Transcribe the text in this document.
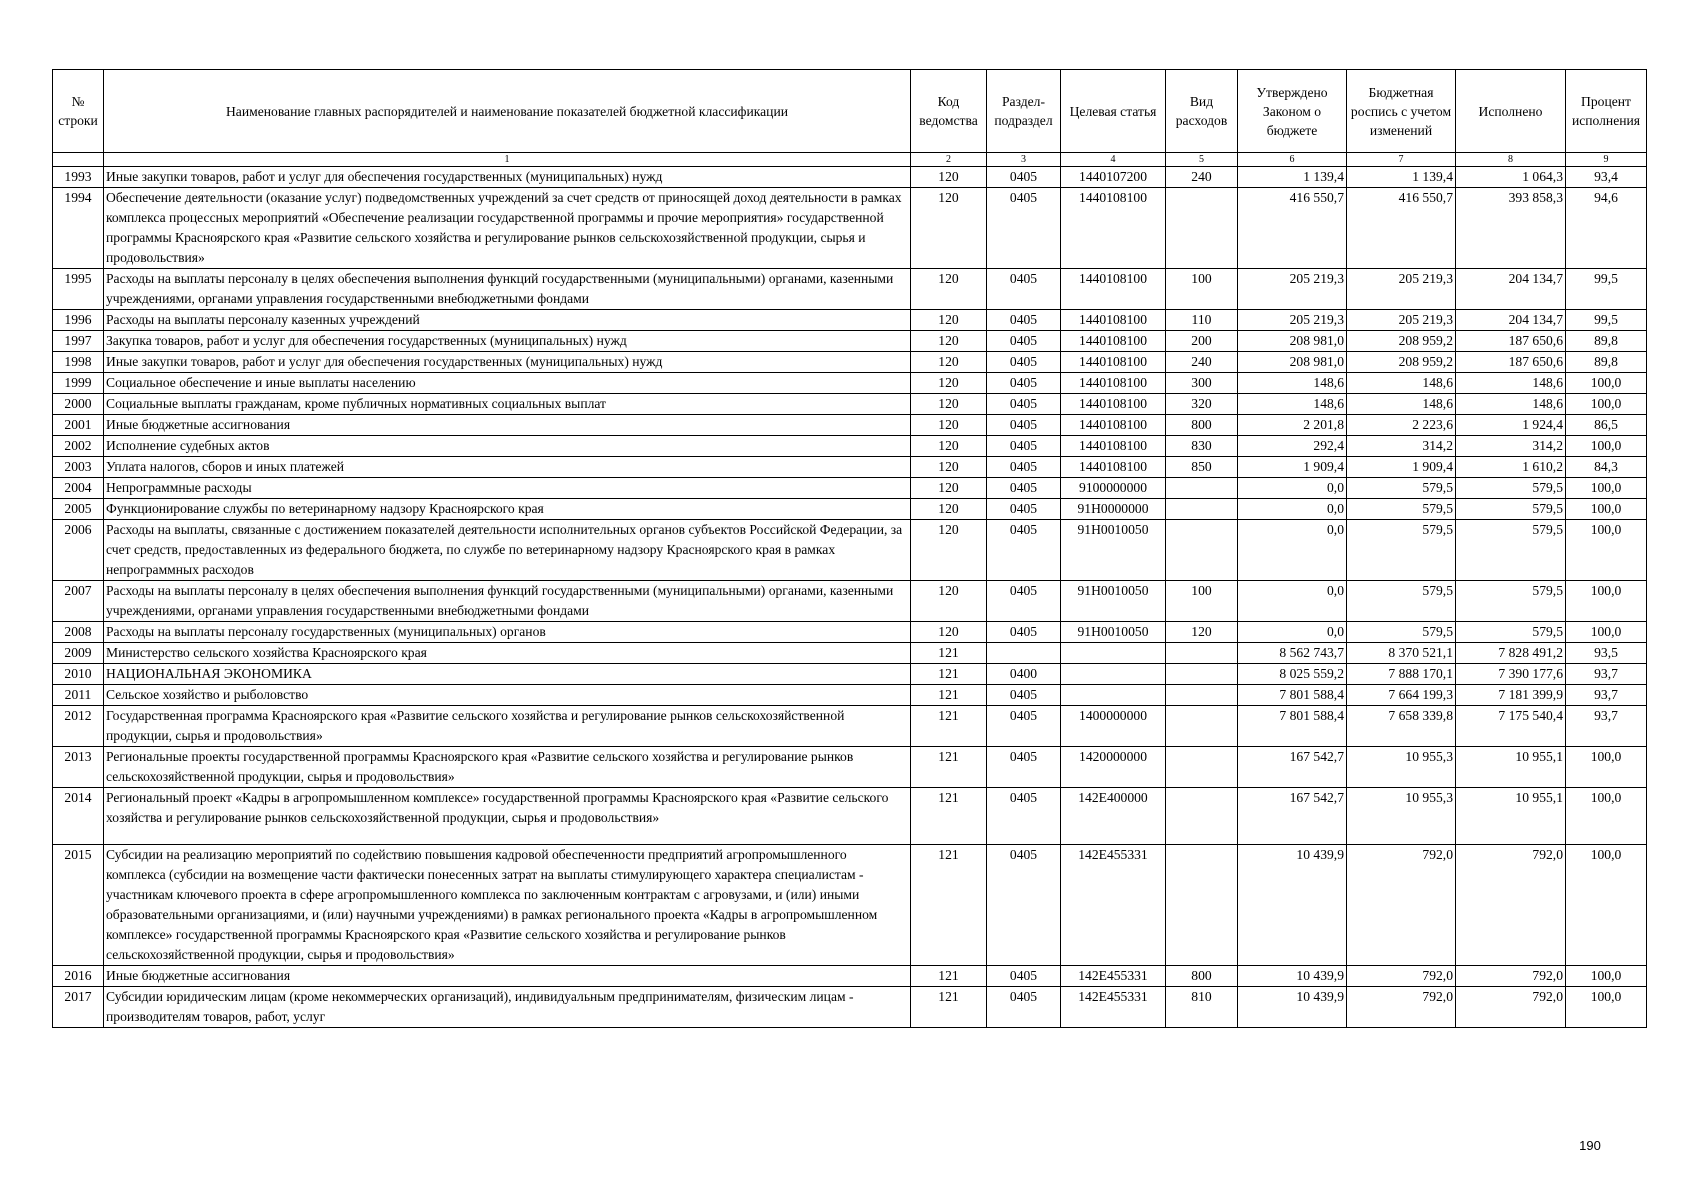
№ строки	Наименование главных распорядителей и наименование показателей бюджетной классификации	Код ведомства	Раздел- подраздел	Целевая статья	Вид расходов	Утверждено Законом о бюджете	Бюджетная роспись с учетом изменений	Исполнено	Процент исполнения
	1	2	3	4	5	6	7	8	9
1993	Иные закупки товаров, работ и услуг для обеспечения государственных (муниципальных) нужд	120	0405	1440107200	240	1 139,4	1 139,4	1 064,3	93,4
1994	Обеспечение деятельности (оказание услуг) подведомственных учреждений за счет средств от приносящей доход деятельности в рамках комплекса процессных мероприятий «Обеспечение реализации государственной программы и прочие мероприятия» государственной программы Красноярского края «Развитие сельского хозяйства и регулирование рынков сельскохозяйственной продукции, сырья и продовольствия»	120	0405	1440108100		416 550,7	416 550,7	393 858,3	94,6
1995	Расходы на выплаты персоналу в целях обеспечения выполнения функций государственными (муниципальными) органами, казенными учреждениями, органами управления государственными внебюджетными фондами	120	0405	1440108100	100	205 219,3	205 219,3	204 134,7	99,5
1996	Расходы на выплаты персоналу казенных учреждений	120	0405	1440108100	110	205 219,3	205 219,3	204 134,7	99,5
1997	Закупка товаров, работ и услуг для обеспечения государственных (муниципальных) нужд	120	0405	1440108100	200	208 981,0	208 959,2	187 650,6	89,8
1998	Иные закупки товаров, работ и услуг для обеспечения государственных (муниципальных) нужд	120	0405	1440108100	240	208 981,0	208 959,2	187 650,6	89,8
1999	Социальное обеспечение и иные выплаты населению	120	0405	1440108100	300	148,6	148,6	148,6	100,0
2000	Социальные выплаты гражданам, кроме публичных нормативных социальных выплат	120	0405	1440108100	320	148,6	148,6	148,6	100,0
2001	Иные бюджетные ассигнования	120	0405	1440108100	800	2 201,8	2 223,6	1 924,4	86,5
2002	Исполнение судебных актов	120	0405	1440108100	830	292,4	314,2	314,2	100,0
2003	Уплата налогов, сборов и иных платежей	120	0405	1440108100	850	1 909,4	1 909,4	1 610,2	84,3
2004	Непрограммные расходы	120	0405	9100000000		0,0	579,5	579,5	100,0
2005	Функционирование службы по ветеринарному надзору Красноярского края	120	0405	91Н0000000		0,0	579,5	579,5	100,0
2006	Расходы на выплаты, связанные с достижением показателей деятельности исполнительных органов субъектов Российской Федерации, за счет средств, предоставленных из федерального бюджета, по службе по ветеринарному надзору Красноярского края в рамках непрограммных расходов	120	0405	91Н0010050		0,0	579,5	579,5	100,0
2007	Расходы на выплаты персоналу в целях обеспечения выполнения функций государственными (муниципальными) органами, казенными учреждениями, органами управления государственными внебюджетными фондами	120	0405	91Н0010050	100	0,0	579,5	579,5	100,0
2008	Расходы на выплаты персоналу государственных (муниципальных) органов	120	0405	91Н0010050	120	0,0	579,5	579,5	100,0
2009	Министерство сельского хозяйства Красноярского края	121				8 562 743,7	8 370 521,1	7 828 491,2	93,5
2010	НАЦИОНАЛЬНАЯ ЭКОНОМИКА	121	0400			8 025 559,2	7 888 170,1	7 390 177,6	93,7
2011	Сельское хозяйство и рыболовство	121	0405			7 801 588,4	7 664 199,3	7 181 399,9	93,7
2012	Государственная программа Красноярского края «Развитие сельского хозяйства и регулирование рынков сельскохозяйственной продукции, сырья и продовольствия»	121	0405	1400000000		7 801 588,4	7 658 339,8	7 175 540,4	93,7
2013	Региональные проекты государственной программы Красноярского края «Развитие сельского хозяйства и регулирование рынков сельскохозяйственной продукции, сырья и продовольствия»	121	0405	1420000000		167 542,7	10 955,3	10 955,1	100,0
2014	Региональный проект «Кадры в агропромышленном комплексе» государственной программы Красноярского края «Развитие сельского хозяйства и регулирование рынков сельскохозяйственной продукции, сырья и продовольствия»	121	0405	142Е400000		167 542,7	10 955,3	10 955,1	100,0
2015	Субсидии на реализацию мероприятий по содействию повышения кадровой обеспеченности предприятий агропромышленного комплекса (субсидии на возмещение части фактически понесенных затрат на выплаты стимулирующего характера специалистам - участникам ключевого проекта в сфере агропромышленного комплекса по заключенным контрактам с агровузами, и (или) иными образовательными организациями, и (или) научными учреждениями) в рамках регионального проекта «Кадры в агропромышленном комплексе» государственной программы Красноярского края «Развитие сельского хозяйства и регулирование рынков сельскохозяйственной продукции, сырья и продовольствия»	121	0405	142Е455331		10 439,9	792,0	792,0	100,0
2016	Иные бюджетные ассигнования	121	0405	142Е455331	800	10 439,9	792,0	792,0	100,0
2017	Субсидии юридическим лицам (кроме некоммерческих организаций), индивидуальным предпринимателям, физическим лицам - производителям товаров, работ, услуг	121	0405	142Е455331	810	10 439,9	792,0	792,0	100,0
190
